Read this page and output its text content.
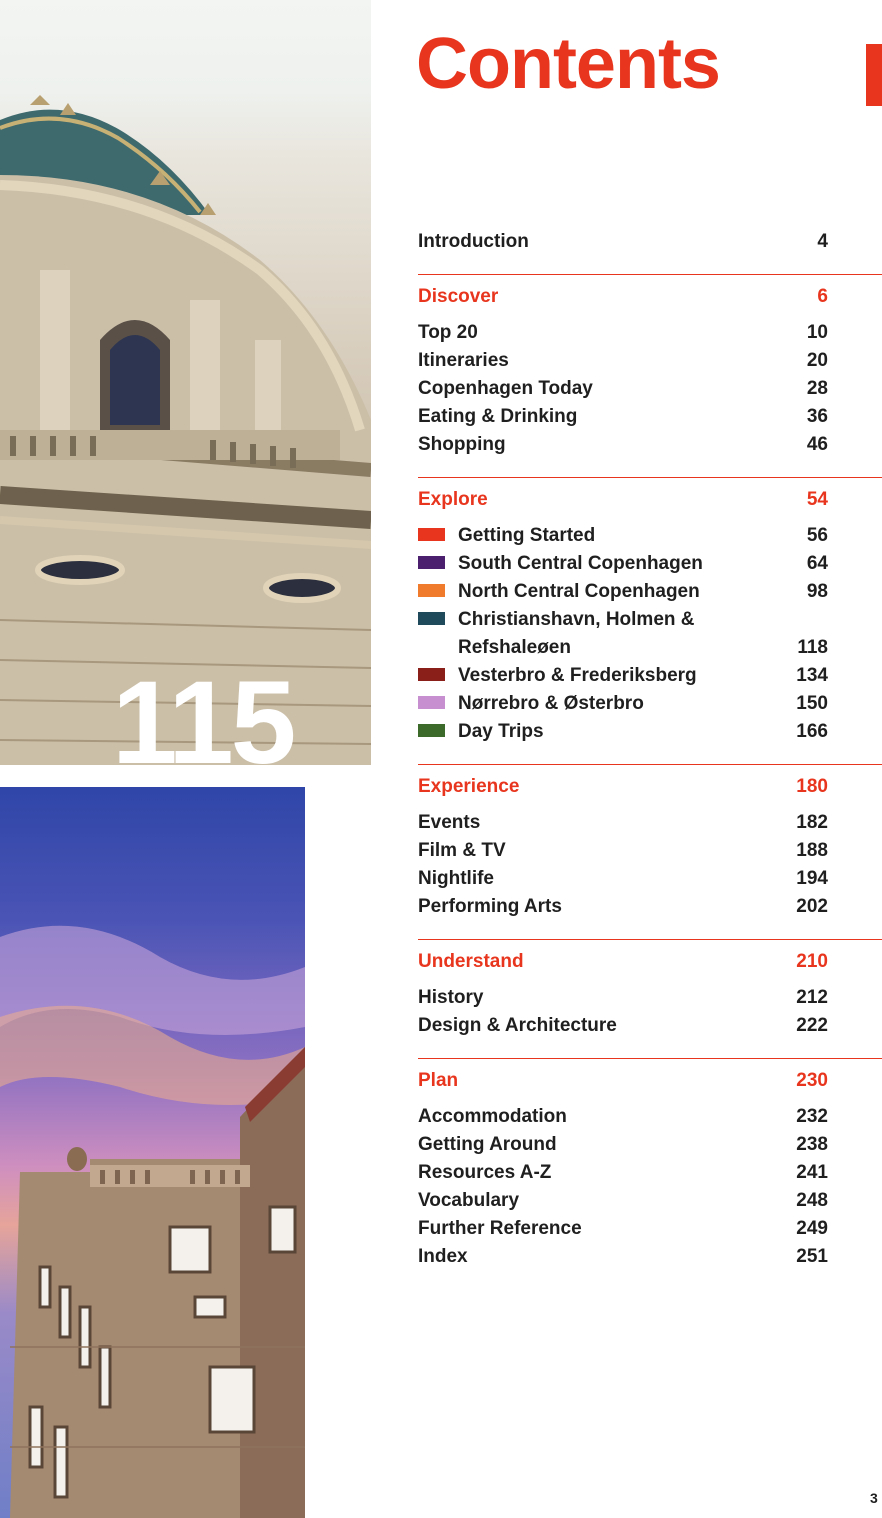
115
Contents
Introduction	4
Discover	6
Top 20	10
Itineraries	20
Copenhagen Today	28
Eating & Drinking	36
Shopping	46
Explore	54
Getting Started	56
South Central Copenhagen	64
North Central Copenhagen	98
Christianshavn, Holmen &
Refshaleøen	118
Vesterbro & Frederiksberg	134
Nørrebro & Østerbro	150
Day Trips	166
Experience	180
Events	182
Film & TV	188
Nightlife	194
Performing Arts	202
Understand	210
History	212
Design & Architecture	222
Plan	230
Accommodation	232
Getting Around	238
Resources A-Z	241
Vocabulary	248
Further Reference	249
Index	251
3
